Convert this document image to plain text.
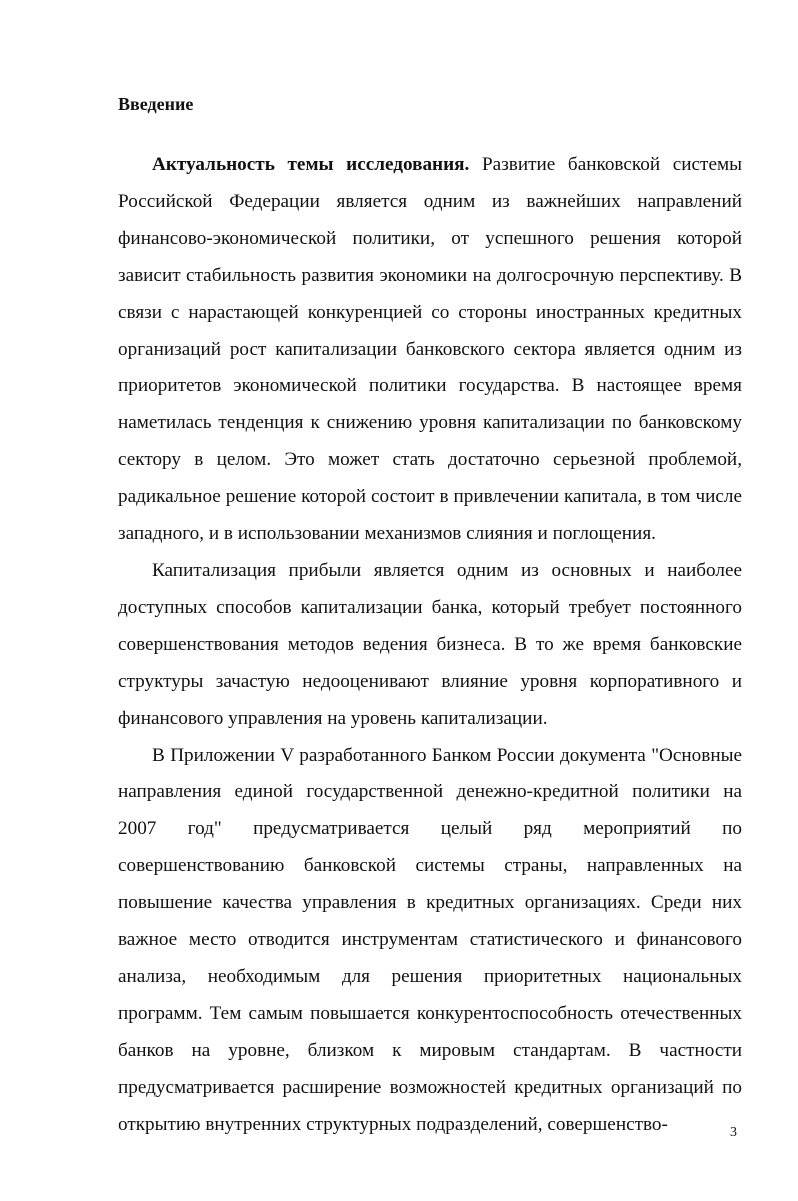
Введение

Актуальность темы исследования. Развитие банковской системы Российской Федерации является одним из важнейших направлений финансово-экономической политики, от успешного решения которой зависит стабильность развития экономики на долгосрочную перспективу. В связи с нарастающей конкуренцией со стороны иностранных кредитных организаций рост капитализации банковского сектора является одним из приоритетов экономической политики государства. В настоящее время наметилась тенденция к снижению уровня капитализации по банковскому сектору в целом. Это может стать достаточно серьезной проблемой, радикальное решение которой состоит в привлечении капитала, в том числе западного, и в использовании механизмов слияния и поглощения.

Капитализация прибыли является одним из основных и наиболее доступных способов капитализации банка, который требует постоянного совершенствования методов ведения бизнеса. В то же время банковские структуры зачастую недооценивают влияние уровня корпоративного и финансового управления на уровень капитализации.

В Приложении V разработанного Банком России документа "Основные направления единой государственной денежно-кредитной политики на 2007 год" предусматривается целый ряд мероприятий по совершенствованию банковской системы страны, направленных на повышение качества управления в кредитных организациях. Среди них важное место отводится инструментам статистического и финансового анализа, необходимым для решения приоритетных национальных программ. Тем самым повышается конкурентоспособность отечественных банков на уровне, близком к мировым стандартам. В частности предусматривается расширение возможностей кредитных организаций по открытию внутренних структурных подразделений, совершенство-	3
